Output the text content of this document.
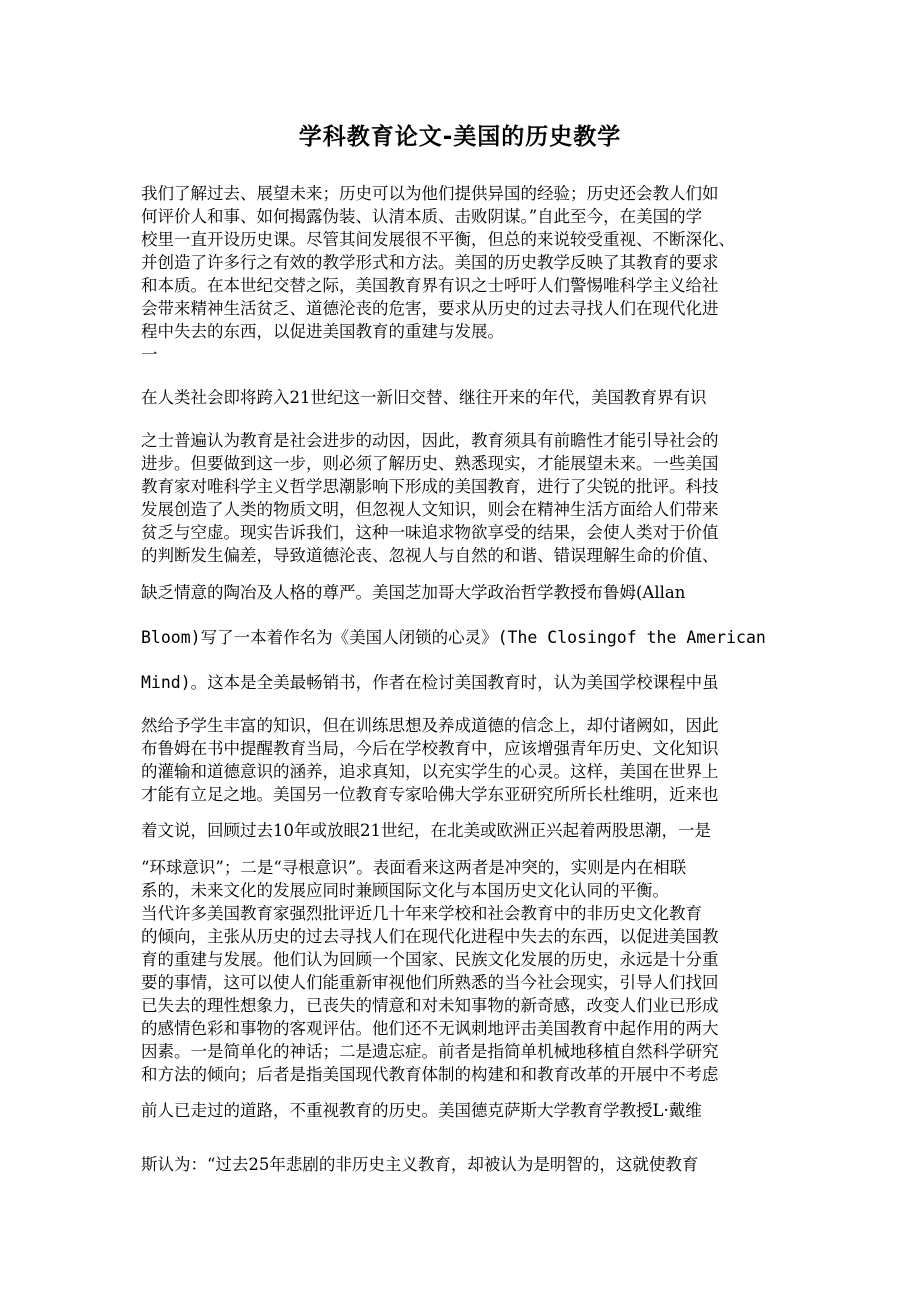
学科教育论文-美国的历史教学
我们了解过去、展望未来；历史可以为他们提供异国的经验；历史还会教人们如
何评价人和事、如何揭露伪装、认清本质、击败阴谋。”自此至今，在美国的学
校里一直开设历史课。尽管其间发展很不平衡，但总的来说较受重视、不断深化、
并创造了许多行之有效的教学形式和方法。美国的历史教学反映了其教育的要求
和本质。在本世纪交替之际，美国教育界有识之士呼吁人们警惕唯科学主义给社
会带来精神生活贫乏、道德沦丧的危害，要求从历史的过去寻找人们在现代化进
程中失去的东西，以促进美国教育的重建与发展。
一
在人类社会即将跨入21世纪这一新旧交替、继往开来的年代，美国教育界有识
之士普遍认为教育是社会进步的动因，因此，教育须具有前瞻性才能引导社会的
进步。但要做到这一步，则必须了解历史、熟悉现实，才能展望未来。一些美国
教育家对唯科学主义哲学思潮影响下形成的美国教育，进行了尖锐的批评。科技
发展创造了人类的物质文明，但忽视人文知识，则会在精神生活方面给人们带来
贫乏与空虚。现实告诉我们，这种一味追求物欲享受的结果，会使人类对于价值
的判断发生偏差，导致道德沦丧、忽视人与自然的和谐、错误理解生命的价值、
缺乏情意的陶冶及人格的尊严。美国芝加哥大学政治哲学教授布鲁姆(Allan
Bloom)写了一本着作名为《美国人闭锁的心灵》(The Closingof the American
Mind)。这本是全美最畅销书，作者在检讨美国教育时，认为美国学校课程中虽
然给予学生丰富的知识，但在训练思想及养成道德的信念上，却付诸阙如，因此
布鲁姆在书中提醒教育当局，今后在学校教育中，应该增强青年历史、文化知识
的灌输和道德意识的涵养，追求真知，以充实学生的心灵。这样，美国在世界上
才能有立足之地。美国另一位教育专家哈佛大学东亚研究所所长杜维明，近来也
着文说，回顾过去10年或放眼21世纪，在北美或欧洲正兴起着两股思潮，一是
“环球意识”；二是“寻根意识”。表面看来这两者是冲突的，实则是内在相联
系的，未来文化的发展应同时兼顾国际文化与本国历史文化认同的平衡。
当代许多美国教育家强烈批评近几十年来学校和社会教育中的非历史文化教育
的倾向，主张从历史的过去寻找人们在现代化进程中失去的东西，以促进美国教
育的重建与发展。他们认为回顾一个国家、民族文化发展的历史，永远是十分重
要的事情，这可以使人们能重新审视他们所熟悉的当今社会现实，引导人们找回
已失去的理性想象力，已丧失的情意和对未知事物的新奇感，改变人们业已形成
的感情色彩和事物的客观评估。他们还不无讽刺地评击美国教育中起作用的两大
因素。一是简单化的神话；二是遗忘症。前者是指简单机械地移植自然科学研究
和方法的倾向；后者是指美国现代教育体制的构建和和教育改革的开展中不考虑
前人已走过的道路，不重视教育的历史。美国德克萨斯大学教育学教授L·戴维
斯认为：“过去25年悲剧的非历史主义教育，却被认为是明智的，这就使教育
